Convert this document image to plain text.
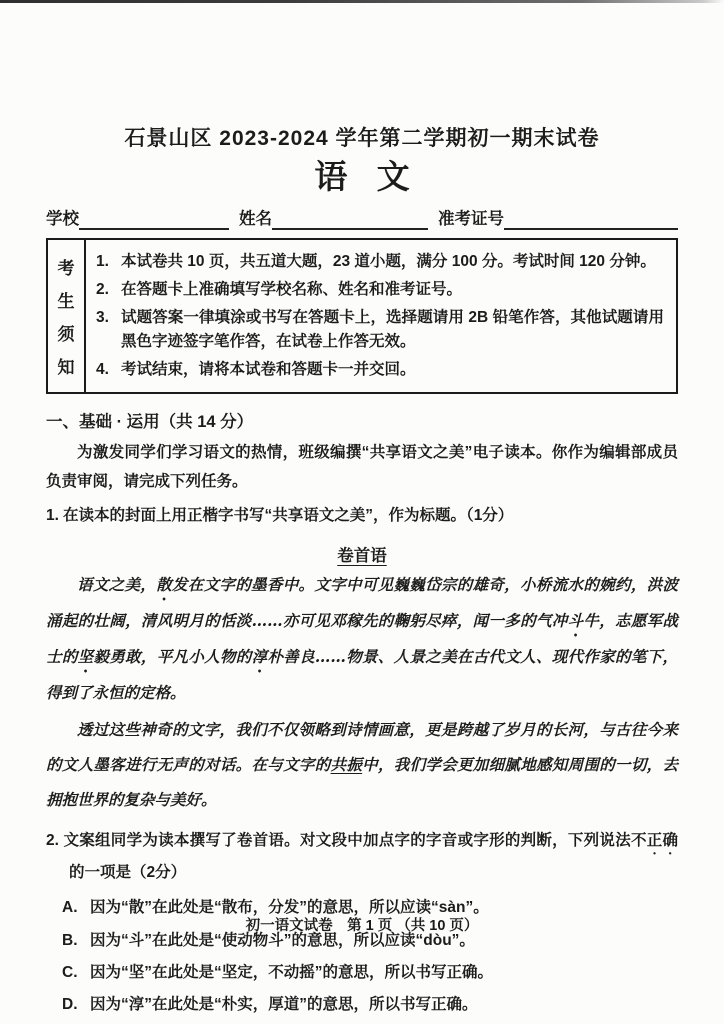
石景山区 2023-2024 学年第二学期初一期末试卷
语 文
学校	姓名	准考证号
考
生
须
知
1. 本试卷共 10 页，共五道大题，23 道小题，满分 100 分。考试时间 120 分钟。
2. 在答题卡上准确填写学校名称、姓名和准考证号。
3. 试题答案一律填涂或书写在答题卡上，选择题请用 2B 铅笔作答，其他试题请用黑色字迹签字笔作答，在试卷上作答无效。
4. 考试结束，请将本试卷和答题卡一并交回。
一、基础 · 运用（共 14 分）
为激发同学们学习语文的热情，班级编撰“共享语文之美”电子读本。你作为编辑部成员负责审阅，请完成下列任务。
1. 在读本的封面上用正楷字书写“共享语文之美”，作为标题。（1分）
卷首语

语文之美，散发在文字的墨香中。文字中可见巍巍岱宗的雄奇，小桥流水的婉约，洪波涌起的壮阔，清风明月的恬淡……亦可见邓稼先的鞠躬尽瘁，闻一多的气冲斗牛，志愿军战士的坚毅勇敢，平凡小人物的淳朴善良……物景、人景之美在古代文人、现代作家的笔下，得到了永恒的定格。

透过这些神奇的文字，我们不仅领略到诗情画意，更是跨越了岁月的长河，与古往今来的文人墨客进行无声的对话。在与文字的共振中，我们学会更加细腻地感知周围的一切，去拥抱世界的复杂与美好。

2. 文案组同学为读本撰写了卷首语。对文段中加点字的字音或字形的判断，下列说法不正确的一项是（2分）
A. 因为“散”在此处是“散布，分发”的意思，所以应读“sàn”。
B. 因为“斗”在此处是“使动物斗”的意思，所以应读“dòu”。
C. 因为“坚”在此处是“坚定，不动摇”的意思，所以书写正确。
D. 因为“淳”在此处是“朴实，厚道”的意思，所以书写正确。
初一语文试卷　第 1 页 （共 10 页）
